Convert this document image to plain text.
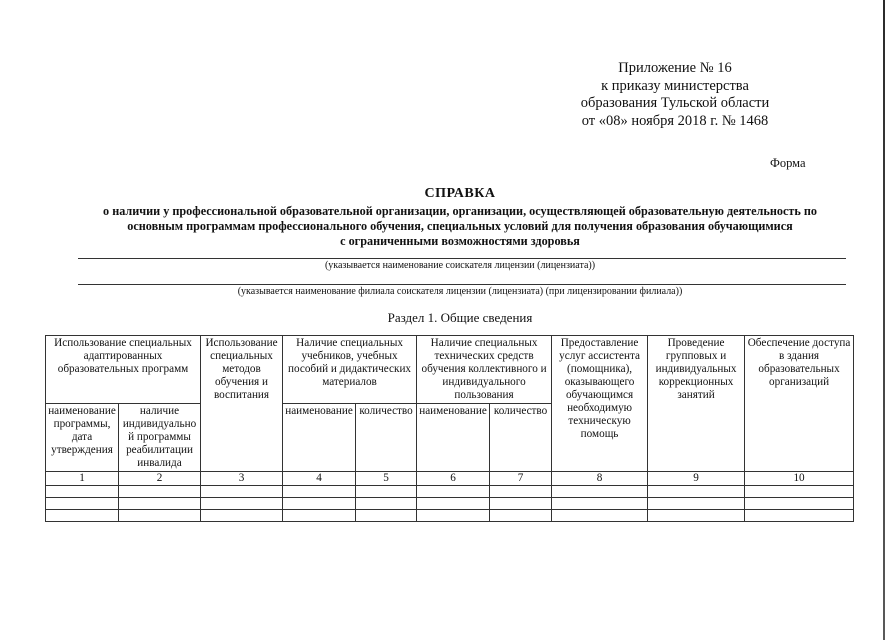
Приложение № 16
к приказу министерства
образования Тульской области
от «08» ноября 2018 г. № 1468
Форма
СПРАВКА
о наличии у профессиональной образовательной организации, организации, осуществляющей образовательную деятельность по
основным программам профессионального обучения, специальных условий для получения образования обучающимися
с ограниченными возможностями здоровья
(указывается наименование соискателя лицензии (лицензиата))
(указывается наименование филиала соискателя лицензии (лицензиата) (при лицензировании филиала))
Раздел 1. Общие сведения
Использование специальных адаптированных образовательных программ		Использование специальных методов обучения и воспитания	Наличие специальных учебников, учебных пособий и дидактических материалов		Наличие специальных технических средств обучения коллективного и индивидуального пользования		Предоставление услуг ассистента (помощника), оказывающего обучающимся необходимую техническую помощь	Проведение групповых и индивидуальных коррекционных занятий	Обеспечение доступа в здания образовательных организаций
наименование программы, дата утверждения	наличие индивидуальной программы реабилитации инвалида		наименование	количество	наименование	количество			
1	2	3	4	5	6	7	8	9	10
